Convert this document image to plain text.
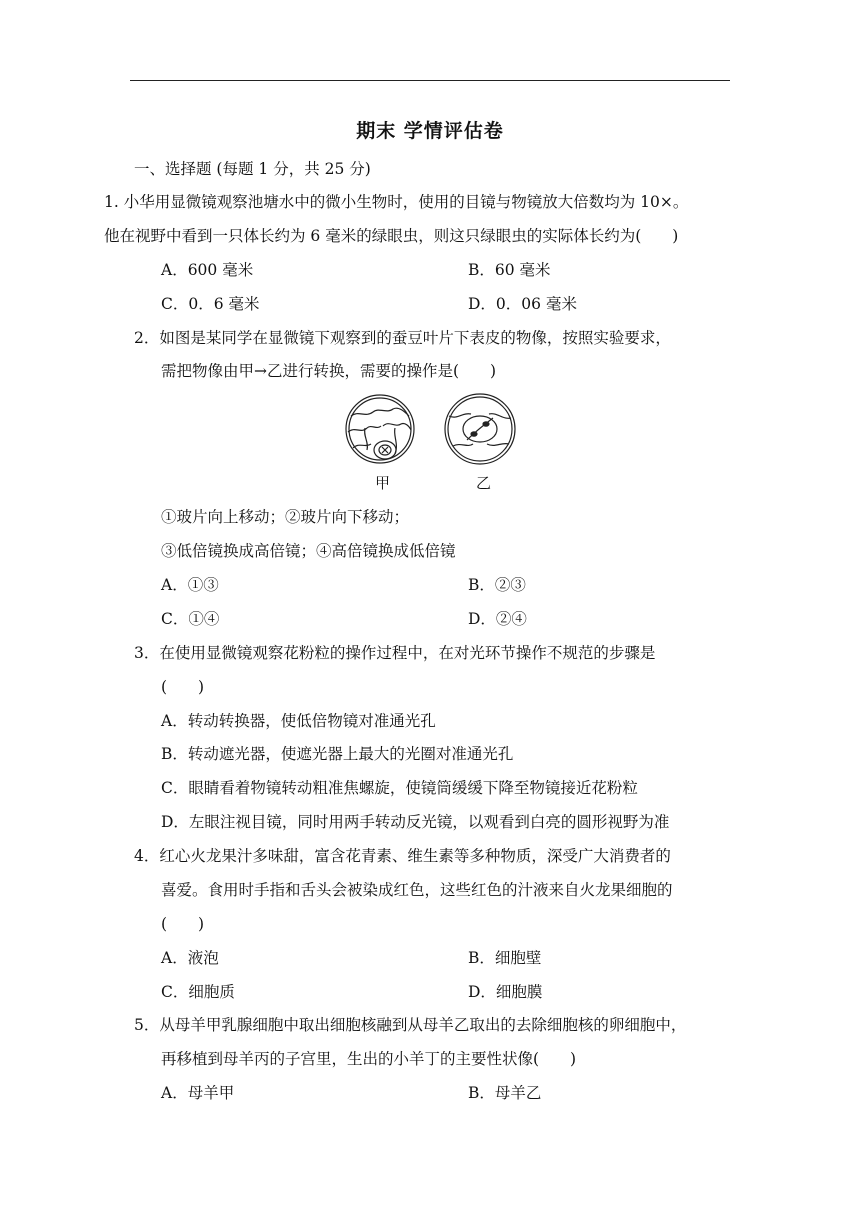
期末 学情评估卷
一、选择题 (每题 1 分，共 25 分)
1. 小华用显微镜观察池塘水中的微小生物时，使用的目镜与物镜放大倍数均为 10×。
他在视野中看到一只体长约为 6 毫米的绿眼虫，则这只绿眼虫的实际体长约为(　　)
A．600 毫米	B．60 毫米
C．0．6 毫米	D．0．06 毫米
2．如图是某同学在显微镜下观察到的蚕豆叶片下表皮的物像，按照实验要求，
需把物像由甲→乙进行转换，需要的操作是(　　)
甲	乙
①玻片向上移动；②玻片向下移动；
③低倍镜换成高倍镜；④高倍镜换成低倍镜
A．①③	B．②③
C．①④	D．②④
3．在使用显微镜观察花粉粒的操作过程中，在对光环节操作不规范的步骤是
(　　)
A．转动转换器，使低倍物镜对准通光孔
B．转动遮光器，使遮光器上最大的光圈对准通光孔
C．眼睛看着物镜转动粗准焦螺旋，使镜筒缓缓下降至物镜接近花粉粒
D．左眼注视目镜，同时用两手转动反光镜，以观看到白亮的圆形视野为准
4．红心火龙果汁多味甜，富含花青素、维生素等多种物质，深受广大消费者的
喜爱。食用时手指和舌头会被染成红色，这些红色的汁液来自火龙果细胞的
(　　)
A．液泡	B．细胞壁
C．细胞质	D．细胞膜
5．从母羊甲乳腺细胞中取出细胞核融到从母羊乙取出的去除细胞核的卵细胞中，
再移植到母羊丙的子宫里，生出的小羊丁的主要性状像(　　)
A．母羊甲	B．母羊乙
